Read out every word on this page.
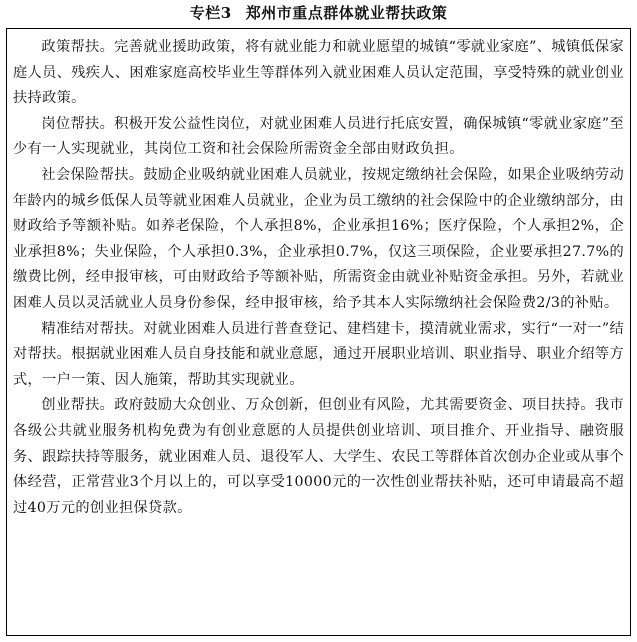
专栏3 郑州市重点群体就业帮扶政策

政策帮扶。完善就业援助政策，将有就业能力和就业愿望的城镇“零就业家庭”、城镇低保家庭人员、残疾人、困难家庭高校毕业生等群体列入就业困难人员认定范围，享受特殊的就业创业扶持政策。

岗位帮扶。积极开发公益性岗位，对就业困难人员进行托底安置，确保城镇“零就业家庭”至少有一人实现就业，其岗位工资和社会保险所需资金全部由财政负担。

社会保险帮扶。鼓励企业吸纳就业困难人员就业，按规定缴纳社会保险，如果企业吸纳劳动年龄内的城乡低保人员等就业困难人员就业，企业为员工缴纳的社会保险中的企业缴纳部分，由财政给予等额补贴。如养老保险，个人承担8%，企业承担16%；医疗保险，个人承担2%，企业承担8%；失业保险，个人承担0.3%，企业承担0.7%，仅这三项保险，企业要承担27.7%的缴费比例，经申报审核，可由财政给予等额补贴，所需资金由就业补贴资金承担。另外，若就业困难人员以灵活就业人员身份参保，经申报审核，给予其本人实际缴纳社会保险费2/3的补贴。

精准结对帮扶。对就业困难人员进行普查登记、建档建卡，摸清就业需求，实行“一对一”结对帮扶。根据就业困难人员自身技能和就业意愿，通过开展职业培训、职业指导、职业介绍等方式，一户一策、因人施策，帮助其实现就业。

创业帮扶。政府鼓励大众创业、万众创新，但创业有风险，尤其需要资金、项目扶持。我市各级公共就业服务机构免费为有创业意愿的人员提供创业培训、项目推介、开业指导、融资服务、跟踪扶持等服务，就业困难人员、退役军人、大学生、农民工等群体首次创办企业或从事个体经营，正常营业3个月以上的，可以享受10000元的一次性创业帮扶补贴，还可申请最高不超过40万元的创业担保贷款。
